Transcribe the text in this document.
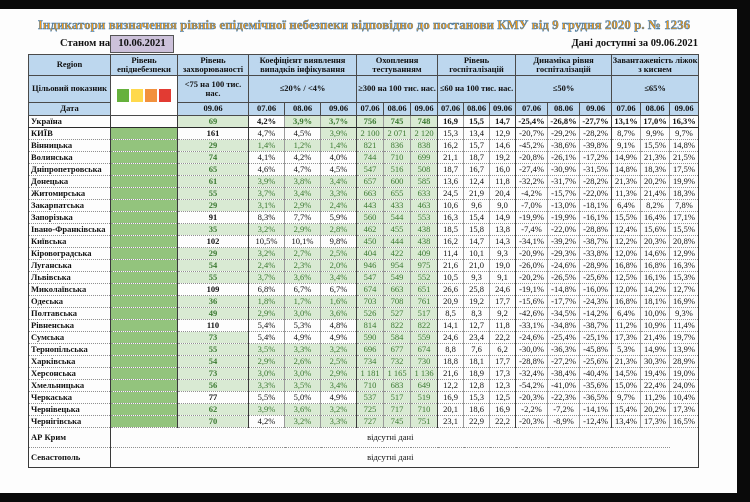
Індикатори визначення рівнів епідемічної небезпеки відповідно до постанови КМУ від 9 грудня 2020 р. № 1236
Станом на 10.06.2021	Дані доступні за 09.06.2021
Region	Рівень епіднебезпеки	Рівень захворюваності	Коефіцієнт виявлення випадків інфікування			Охоплення тестуванням			Рівень госпіталізацій			Динаміка рівня госпіталізацій			Завантаженість ліжок з киснем		
Цільовий показник		<75 на 100 тис. нас.	≤20% / <4%			≥300 на 100 тис. нас.			≤60 на 100 тис. нас.			≤50%			≤65%		
Дата		09.06	07.06	08.06	09.06	07.06	08.06	09.06	07.06	08.06	09.06	07.06	08.06	09.06	07.06	08.06	09.06
Україна		69	4,2%	3,9%	3,7%	756	745	748	16,9	15,5	14,7	-25,4%	-26,8%	-27,7%	13,1%	17,0%	16,3%
КИЇВ		161	4,7%	4,5%	3,9%	2 100	2 071	2 120	15,3	13,4	12,9	-20,7%	-29,2%	-28,2%	8,7%	9,9%	9,7%
Вінницька		29	1,4%	1,2%	1,4%	821	836	838	16,2	15,7	14,6	-45,2%	-38,6%	-39,8%	9,1%	15,5%	14,8%
Волинська		74	4,1%	4,2%	4,0%	744	710	699	21,1	18,7	19,2	-20,8%	-26,1%	-17,2%	14,9%	21,3%	21,5%
Дніпропетровська		65	4,6%	4,7%	4,5%	547	516	508	18,7	16,7	16,0	-27,4%	-30,9%	-31,5%	14,8%	18,3%	17,5%
Донецька		61	3,9%	3,8%	3,4%	657	600	585	13,6	12,4	11,8	-32,2%	-31,7%	-28,2%	21,3%	20,2%	19,9%
Житомирська		55	3,7%	3,4%	3,3%	663	655	633	24,5	21,9	20,4	-4,2%	-15,7%	-22,0%	11,3%	21,4%	18,3%
Закарпатська		29	3,1%	2,9%	2,4%	443	433	463	10,6	9,6	9,0	-7,0%	-13,0%	-18,1%	6,4%	8,2%	7,8%
Запорізька		91	8,3%	7,7%	5,9%	560	544	553	16,3	15,4	14,9	-19,9%	-19,9%	-16,1%	15,5%	16,4%	17,1%
Івано-Франківська		35	3,2%	2,9%	2,8%	462	455	438	18,5	15,8	13,8	-7,4%	-22,0%	-28,8%	12,4%	15,6%	15,5%
Київська		102	10,5%	10,1%	9,8%	450	444	438	16,2	14,7	14,3	-34,1%	-39,2%	-38,7%	12,2%	20,3%	20,8%
Кіровоградська		29	3,2%	2,7%	2,5%	404	422	409	11,4	10,1	9,3	-20,9%	-29,3%	-33,8%	12,0%	14,6%	12,9%
Луганська		54	2,4%	2,3%	2,0%	946	954	975	21,6	21,0	19,0	-26,0%	-24,6%	-28,9%	16,8%	16,8%	16,3%
Львівська		55	3,7%	3,6%	3,4%	547	549	552	10,5	9,3	9,1	-20,2%	-26,5%	-25,6%	12,5%	16,1%	15,3%
Миколаївська		109	6,8%	6,7%	6,7%	674	663	651	26,6	25,8	24,6	-19,1%	-14,8%	-16,0%	12,0%	14,2%	12,7%
Одеська		36	1,8%	1,7%	1,6%	703	708	761	20,9	19,2	17,7	-15,6%	-17,7%	-24,3%	16,8%	18,1%	16,9%
Полтавська		49	2,9%	3,0%	3,6%	526	527	517	8,5	8,3	9,2	-42,6%	-34,5%	-14,2%	6,4%	10,0%	9,3%
Рівненська		110	5,4%	5,3%	4,8%	814	822	822	14,1	12,7	11,8	-33,1%	-34,8%	-38,7%	11,2%	10,9%	11,4%
Сумська		73	5,4%	4,9%	4,9%	590	584	559	24,6	23,4	22,2	-24,6%	-25,4%	-25,1%	17,3%	21,4%	19,7%
Тернопільська		55	3,5%	3,3%	3,2%	696	677	674	8,8	7,6	6,2	-30,0%	-36,3%	-45,8%	5,3%	14,9%	13,9%
Харківська		54	2,9%	2,6%	2,5%	734	732	730	18,8	18,1	17,7	-28,8%	-27,2%	-25,6%	21,3%	30,3%	28,9%
Херсонська		73	3,0%	3,0%	2,9%	1 181	1 165	1 136	21,6	18,9	17,3	-32,4%	-38,4%	-40,4%	14,5%	19,4%	19,0%
Хмельницька		56	3,3%	3,5%	3,4%	710	683	649	12,2	12,8	12,3	-54,2%	-41,0%	-35,6%	15,0%	22,4%	24,0%
Черкаська		77	5,5%	5,0%	4,9%	537	517	519	16,9	15,3	12,5	-20,3%	-22,3%	-36,5%	9,7%	11,2%	10,4%
Чернівецька		62	3,9%	3,6%	3,2%	725	717	710	20,1	18,6	16,9	-2,2%	-7,2%	-14,1%	15,4%	20,2%	17,3%
Чернігівська		70	4,2%	3,2%	3,3%	727	745	751	23,1	22,9	22,2	-20,3%	-8,9%	-12,4%	13,4%	17,3%	16,5%
АР Крим	відсутні дані																
Севастополь	відсутні дані																
